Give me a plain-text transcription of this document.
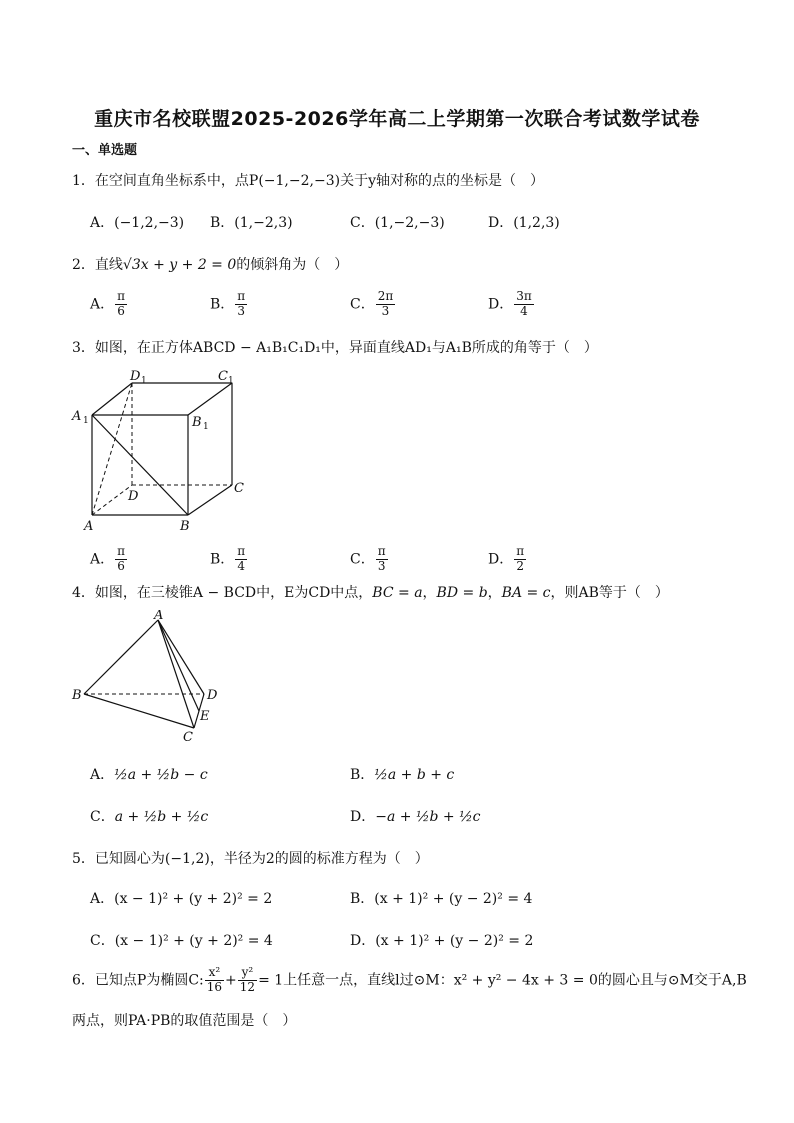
重庆市名校联盟2025-2026学年高二上学期第一次联合考试数学试卷
一、单选题
1．在空间直角坐标系中，点P(−1,−2,−3)关于y轴对称的点的坐标是（　）
A．(−1,2,−3) B．(1,−2,3)	C．(1,−2,−3)	D．(1,2,3)
2．直线√3x + y + 2 = 0的倾斜角为（　）
A． $\frac{\pi}{6}$	B． $\frac{\pi}{3}$	C． $\frac{2\pi}{3}$	D． $\frac{3\pi}{4}$
3．如图，在正方体ABCD − A₁B₁C₁D₁中，异面直线AD₁与A₁B所成的角等于（　）
A	B
C
D
A 1	B 1
D 1	C 1
A． $\frac{\pi}{6}$	B． $\frac{\pi}{4}$	C． $\frac{\pi}{3}$	D． $\frac{\pi}{2}$
4．如图，在三棱锥A − BCD中，E为CD中点，BC = a，BD = b，BA = c，则AB等于（　）
A
B	D
E
C
A．½a + ½b − c	B．½a + b + c
C．a + ½b + ½c	D．−a + ½b + ½c
5．已知圆心为(−1,2)，半径为2的圆的标准方程为（　）
A．(x − 1)² + (y + 2)² = 2	B．(x + 1)² + (y − 2)² = 4
C．(x − 1)² + (y + 2)² = 4	D．(x + 1)² + (y − 2)² = 2
6．已知点P为椭圆C: $\frac{\text{x²}}{16} + \frac{\text{y²}}{12} = 1$上任意一点，直线l过⊙M：x² + y² − 4x + 3 = 0的圆心且与⊙M交于A,B
两点，则PA·PB的取值范围是（　）
